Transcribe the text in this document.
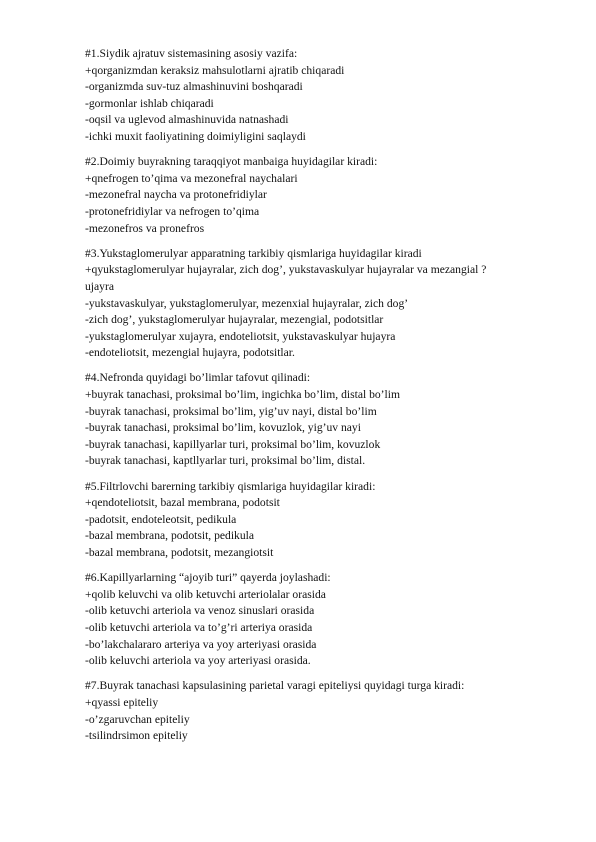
#1.Siydik ajratuv sistemasining asosiy vazifa:
+qorganizmdan keraksiz mahsulotlarni ajratib chiqaradi
-organizmda suv-tuz almashinuvini boshqaradi
-gormonlar ishlab chiqaradi
-oqsil va uglevod almashinuvida natnashadi
-ichki muxit faoliyatining doimiyligini saqlaydi
#2.Doimiy buyrakning taraqqiyot manbaiga huyidagilar kiradi:
+qnefrogen to’qima va mezonefral naychalari
-mezonefral naycha va protonefridiylar
-protonefridiylar va nefrogen to’qima
-mezonefros va pronefros
#3.Yukstaglomerulyar apparatning tarkibiy qismlariga huyidagilar kiradi
+qyukstaglomerulyar hujayralar, zich dog’, yukstavaskulyar hujayralar va mezangial ?ujayra
-yukstavaskulyar, yukstaglomerulyar, mezenxial hujayralar, zich dog’
-zich dog’, yukstaglomerulyar hujayralar, mezengial, podotsitlar
-yukstaglomerulyar xujayra, endoteliotsit, yukstavaskulyar hujayra
-endoteliotsit, mezengial hujayra, podotsitlar.
#4.Nefronda quyidagi bo’limlar tafovut qilinadi:
+buyrak tanachasi, proksimal bo’lim, ingichka bo’lim, distal bo’lim
-buyrak tanachasi, proksimal bo’lim, yig’uv nayi, distal bo’lim
-buyrak tanachasi, proksimal bo’lim, kovuzlok, yig’uv nayi
-buyrak tanachasi, kapillyarlar turi, proksimal bo’lim, kovuzlok
-buyrak tanachasi, kaptllyarlar turi, proksimal bo’lim, distal.
#5.Filtrlovchi barerning tarkibiy qismlariga huyidagilar kiradi:
+qendoteliotsit, bazal membrana, podotsit
-padotsit, endoteleotsit, pedikula
-bazal membrana, podotsit, pedikula
-bazal membrana, podotsit, mezangiotsit
#6.Kapillyarlarning “ajoyib turi” qayerda joylashadi:
+qolib keluvchi va olib ketuvchi arteriolalar orasida
-olib ketuvchi arteriola va venoz sinuslari orasida
-olib ketuvchi arteriola va to’g’ri arteriya orasida
-bo’lakchalararo arteriya va yoy arteriyasi orasida
-olib keluvchi arteriola va yoy arteriyasi orasida.
#7.Buyrak tanachasi kapsulasining parietal varagi epiteliysi quyidagi turga kiradi:
+qyassi epiteliy
-o’zgaruvchan epiteliy
-tsilindrsimon epiteliy
